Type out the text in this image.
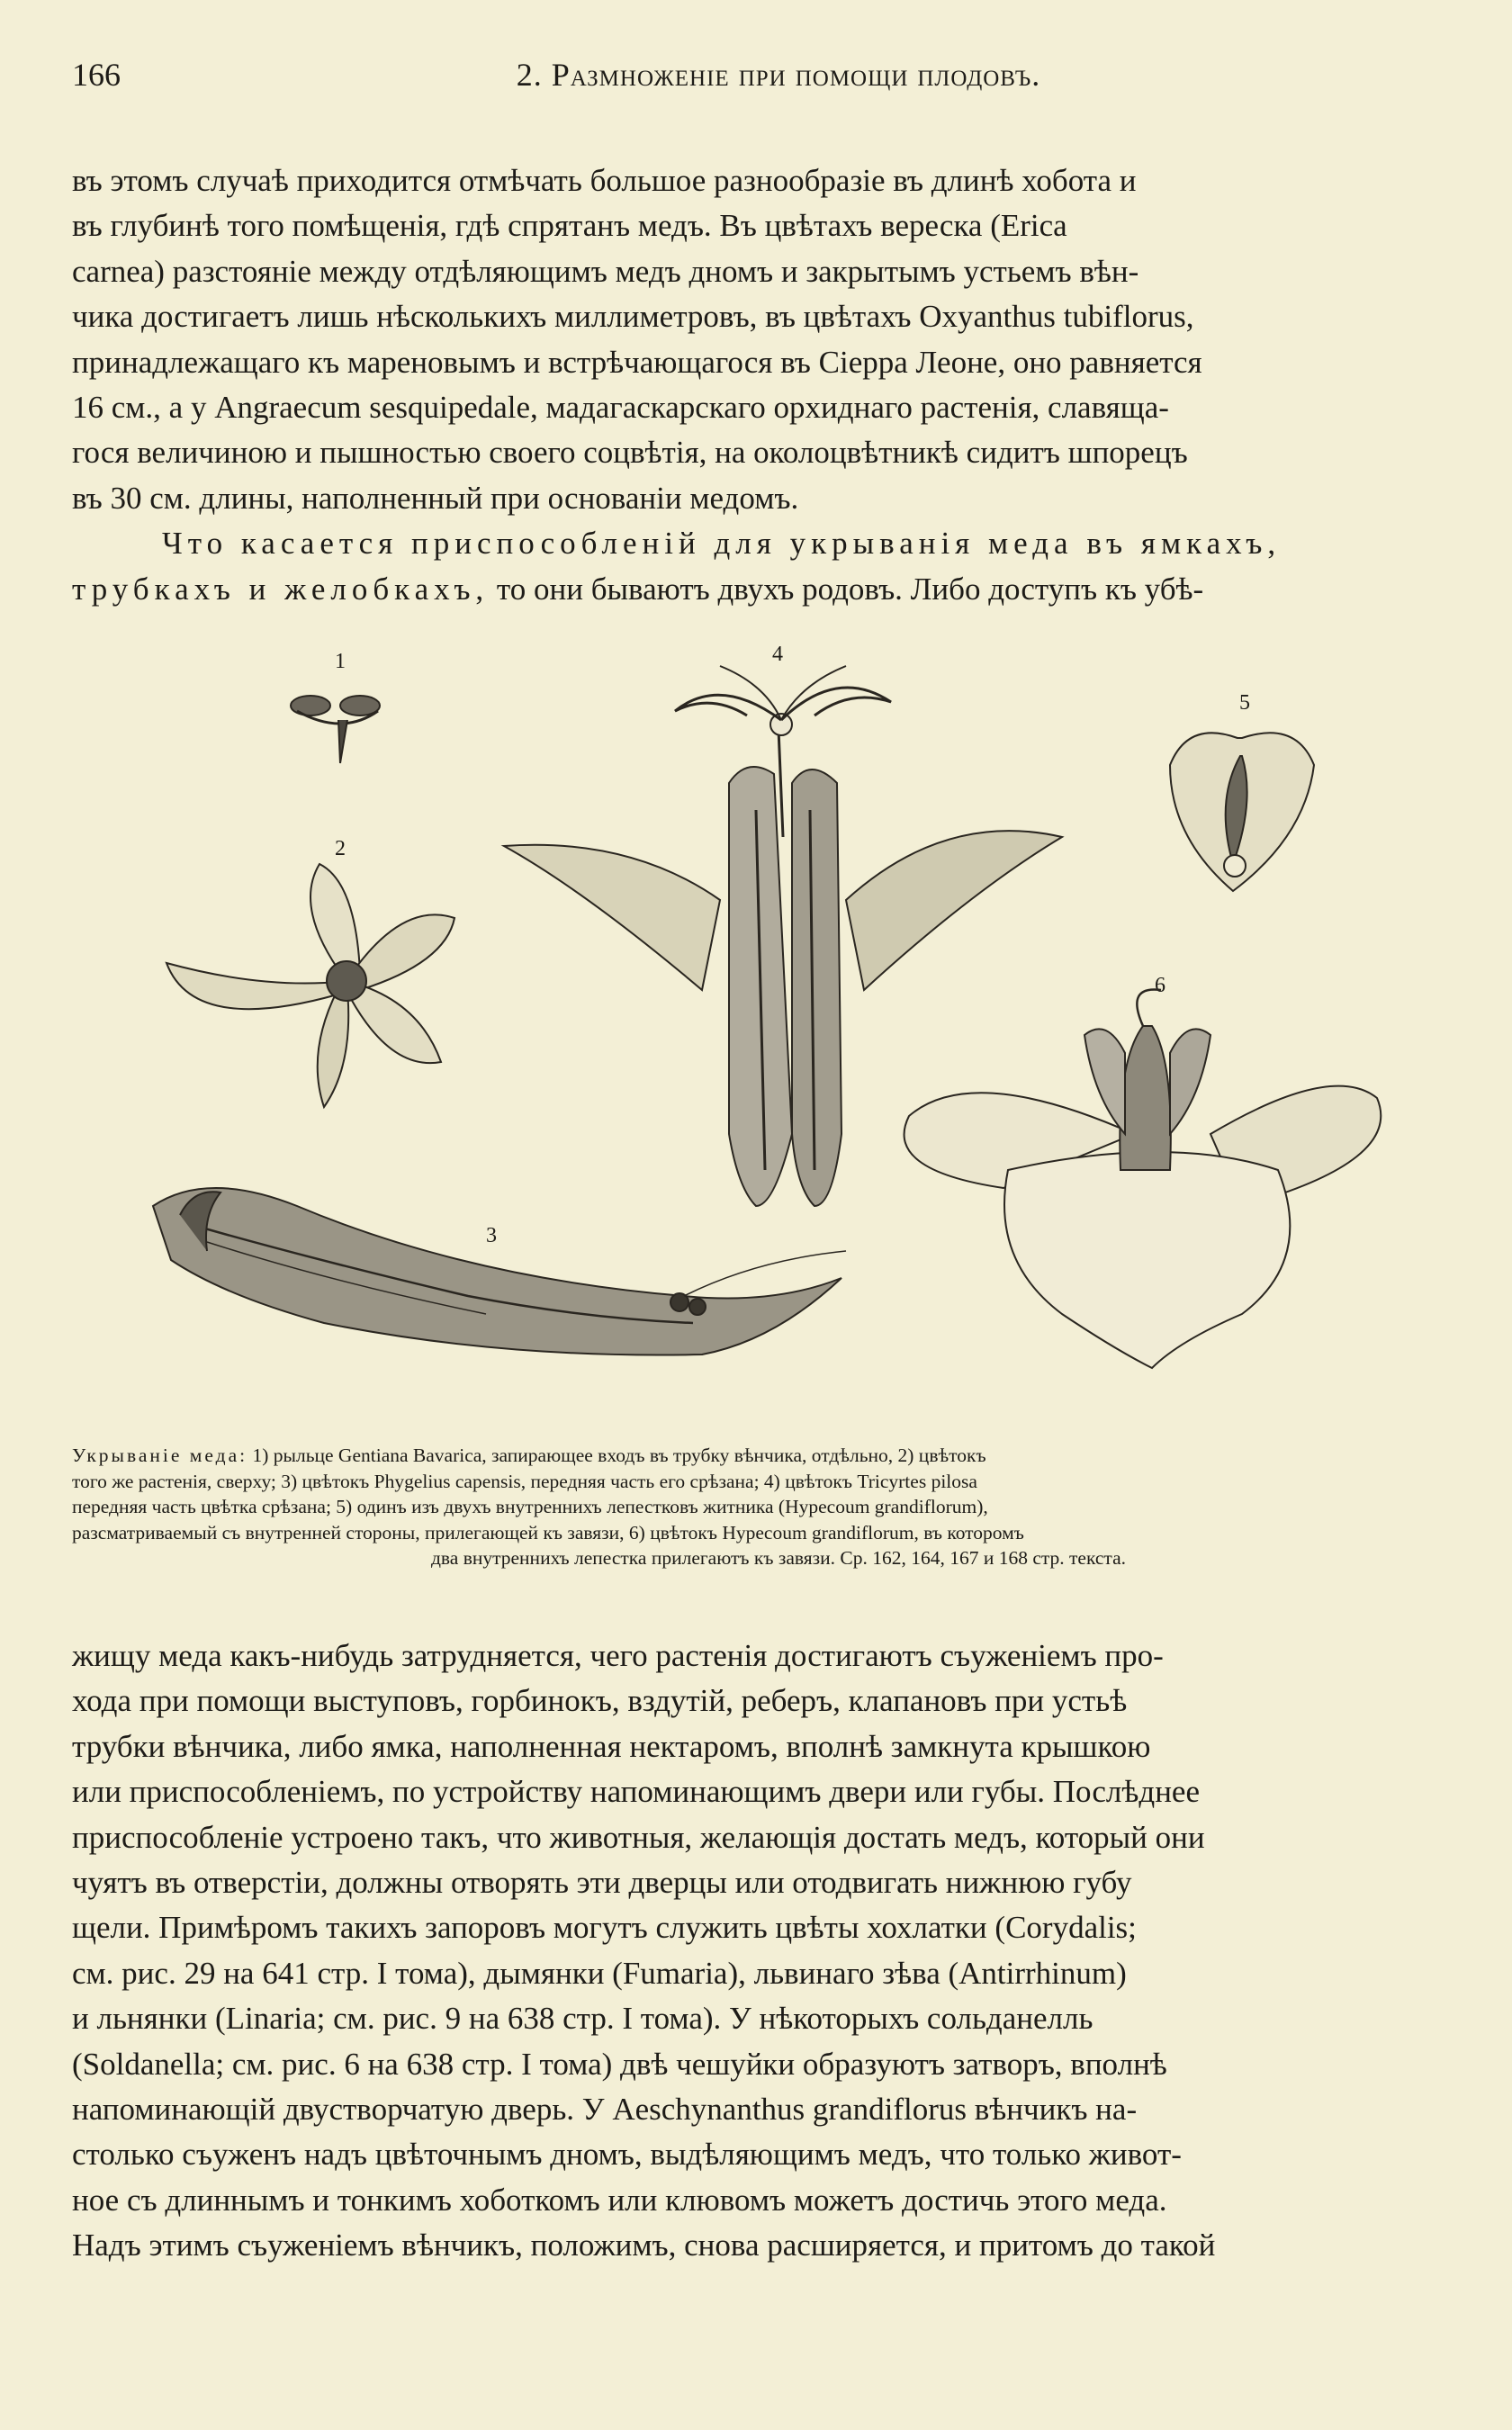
166	2. Размноженіе при помощи плодовъ.

въ этомъ случаѣ приходится отмѣчать большое разнообразіе въ длинѣ хобота и
въ глубинѣ того помѣщенія, гдѣ спрятанъ медъ. Въ цвѣтахъ вереска (Erica
carnea) разстояніе между отдѣляющимъ медъ дномъ и закрытымъ устьемъ вѣн-
чика достигаетъ лишь нѣсколькихъ миллиметровъ, въ цвѣтахъ Oxyanthus tubiflorus,
принадлежащаго къ мареновымъ и встрѣчающагося въ Сіерра Леоне, оно равняется
16 см., а у Angraecum sesquipedale, мадагаскарскаго орхиднаго растенія, славяща-
гося величиною и пышностью своего соцвѣтія, на околоцвѣтникѣ сидитъ шпорецъ
въ 30 см. длины, наполненный при основаніи медомъ.

Что касается приспособленій для укрыванія меда въ ямкахъ,
трубкахъ и желобкахъ, то они бываютъ двухъ родовъ. Либо доступъ къ убѣ-

1
2
3
4
5
6

Укрываніе меда: 1) рыльце Gentiana Bavarica, запирающее входъ въ трубку вѣнчика, отдѣльно, 2) цвѣтокъ

того же растенія, сверху; 3) цвѣтокъ Phygelius capensis, передняя часть его срѣзана; 4) цвѣтокъ Tricyrtes pilosa

передняя часть цвѣтка срѣзана; 5) одинъ изъ двухъ внутреннихъ лепестковъ житника (Hypecoum grandiflorum),

разсматриваемый съ внутренней стороны, прилегающей къ завязи, 6) цвѣтокъ Hypecoum grandiflorum, въ которомъ

два внутреннихъ лепестка прилегаютъ къ завязи. Ср. 162, 164, 167 и 168 стр. текста.

жищу меда какъ-нибудь затрудняется, чего растенія достигаютъ съуженіемъ про-
хода при помощи выступовъ, горбинокъ, вздутій, реберъ, клапановъ при устьѣ
трубки вѣнчика, либо ямка, наполненная нектаромъ, вполнѣ замкнута крышкою
или приспособленіемъ, по устройству напоминающимъ двери или губы. Послѣднее
приспособленіе устроено такъ, что животныя, желающія достать медъ, который они
чуятъ въ отверстіи, должны отворять эти дверцы или отодвигать нижнюю губу
щели. Примѣромъ такихъ запоровъ могутъ служить цвѣты хохлатки (Corydalis;
см. рис. 29 на 641 стр. I тома), дымянки (Fumaria), львинаго зѣва (Antirrhinum)
и льнянки (Linaria; см. рис. 9 на 638 стр. I тома). У нѣкоторыхъ сольданелль
(Soldanella; см. рис. 6 на 638 стр. I тома) двѣ чешуйки образуютъ затворъ, вполнѣ
напоминающій двустворчатую дверь. У Aeschynanthus grandiflorus вѣнчикъ на-
столько съуженъ надъ цвѣточнымъ дномъ, выдѣляющимъ медъ, что только живот-
ное съ длиннымъ и тонкимъ хоботкомъ или клювомъ можетъ достичь этого меда.
Надъ этимъ съуженіемъ вѣнчикъ, положимъ, снова расширяется, и притомъ до такой
